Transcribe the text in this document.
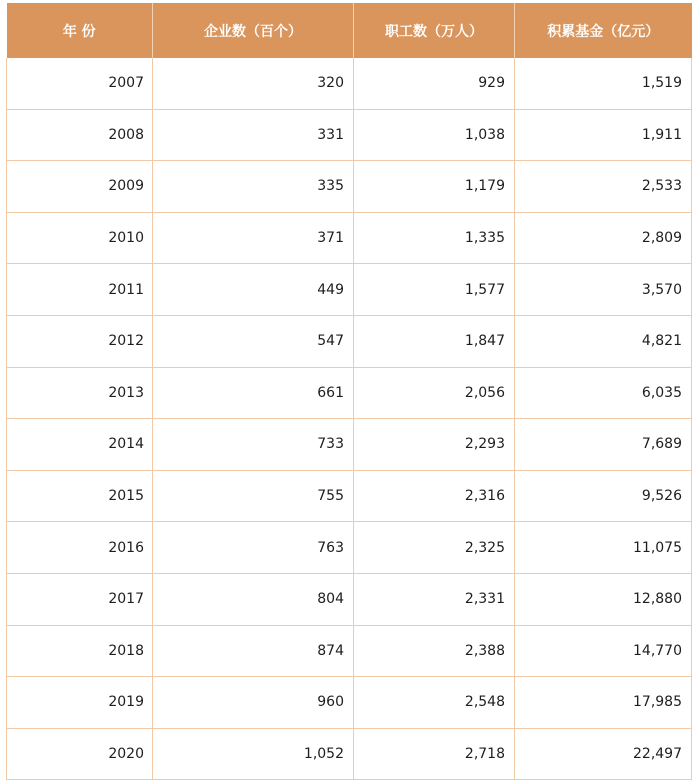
年 份	企业数（百个）	职工数（万人）	积累基金（亿元）
2007	320	929	1,519
2008	331	1,038	1,911
2009	335	1,179	2,533
2010	371	1,335	2,809
2011	449	1,577	3,570
2012	547	1,847	4,821
2013	661	2,056	6,035
2014	733	2,293	7,689
2015	755	2,316	9,526
2016	763	2,325	11,075
2017	804	2,331	12,880
2018	874	2,388	14,770
2019	960	2,548	17,985
2020	1,052	2,718	22,497
